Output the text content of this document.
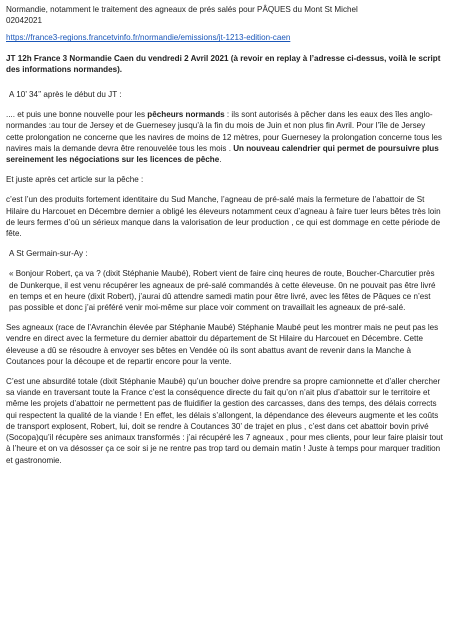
Normandie, notamment le traitement des agneaux de prés salés pour PÂQUES du Mont St Michel
02042021

https://france3-regions.francetvinfo.fr/normandie/emissions/jt-1213-edition-caen

JT 12h France 3 Normandie Caen du vendredi 2 Avril 2021 (à revoir en replay à l’adresse ci-dessus, voilà le script des informations normandes).

A 10’ 34’’ après le début du JT :

.... et puis une bonne nouvelle pour les pêcheurs normands : ils sont autorisés à pêcher dans les eaux des îles anglo-normandes :au tour de Jersey et de Guernesey jusqu’à la fin du mois de Juin et non plus fin Avril. Pour l’île de Jersey cette prolongation ne concerne que les navires de moins de 12 mètres, pour Guernesey la prolongation concerne tous les navires mais la demande devra être renouvelée tous les mois . Un nouveau calendrier qui permet de poursuivre plus sereinement les négociations sur les licences de pêche.

Et juste après cet article sur la pêche :

c’est l’un des produits fortement identitaire du Sud Manche, l’agneau de pré-salé mais la fermeture de l’abattoir de St Hilaire du Harcouet en Décembre dernier a obligé les éleveurs notamment ceux d’agneau à faire tuer leurs bêtes très loin de leurs fermes d’où un sérieux manque dans la valorisation de leur production , ce qui est dommage en cette période de fête.

A St Germain-sur-Ay :

« Bonjour Robert, ça va ? (dixit Stéphanie Maubé), Robert vient de faire cinq heures de route, Boucher-Charcutier près de Dunkerque, il est venu récupérer les agneaux de pré-salé commandés à cette éleveuse. 0n ne pouvait pas être livré en temps et en heure (dixit Robert), j’aurai dû attendre samedi matin pour être livré, avec les fêtes de Pâques ce n’est pas possible et donc j’ai préféré venir moi-même sur place voir comment on travaillait les agneaux de pré-salé.

Ses agneaux (race de l’Avranchin élevée par Stéphanie Maubé) Stéphanie Maubé peut les montrer mais ne peut pas les vendre en direct avec la fermeture du dernier abattoir du département de St Hilaire du Harcouet en Décembre. Cette éleveuse a dû se résoudre à envoyer ses bêtes en Vendée où ils sont abattus avant de revenir dans la Manche à Coutances pour la découpe et de repartir encore pour la vente.

C’est une absurdité totale (dixit Stéphanie Maubé) qu’un boucher doive prendre sa propre camionnette et d’aller chercher sa viande en traversant toute la France c’est la conséquence directe du fait qu’on n’ait plus d’abattoir sur le territoire et même les projets d’abattoir ne permettent pas de fluidifier la gestion des carcasses, dans des temps, des délais corrects qui respectent la qualité de la viande ! En effet, les délais s’allongent, la dépendance des éleveurs augmente et les coûts de transport explosent, Robert, lui, doit se rendre à Coutances 30’ de trajet en plus , c’est dans cet abattoir bovin privé (Socopa)qu’il récupère ses animaux transformés : j’ai récupéré les 7 agneaux , pour mes clients, pour leur faire plaisir tout à l’heure et on va désosser ça ce soir si je ne rentre pas trop tard ou demain matin ! Juste à temps pour marquer tradition et gastronomie.
